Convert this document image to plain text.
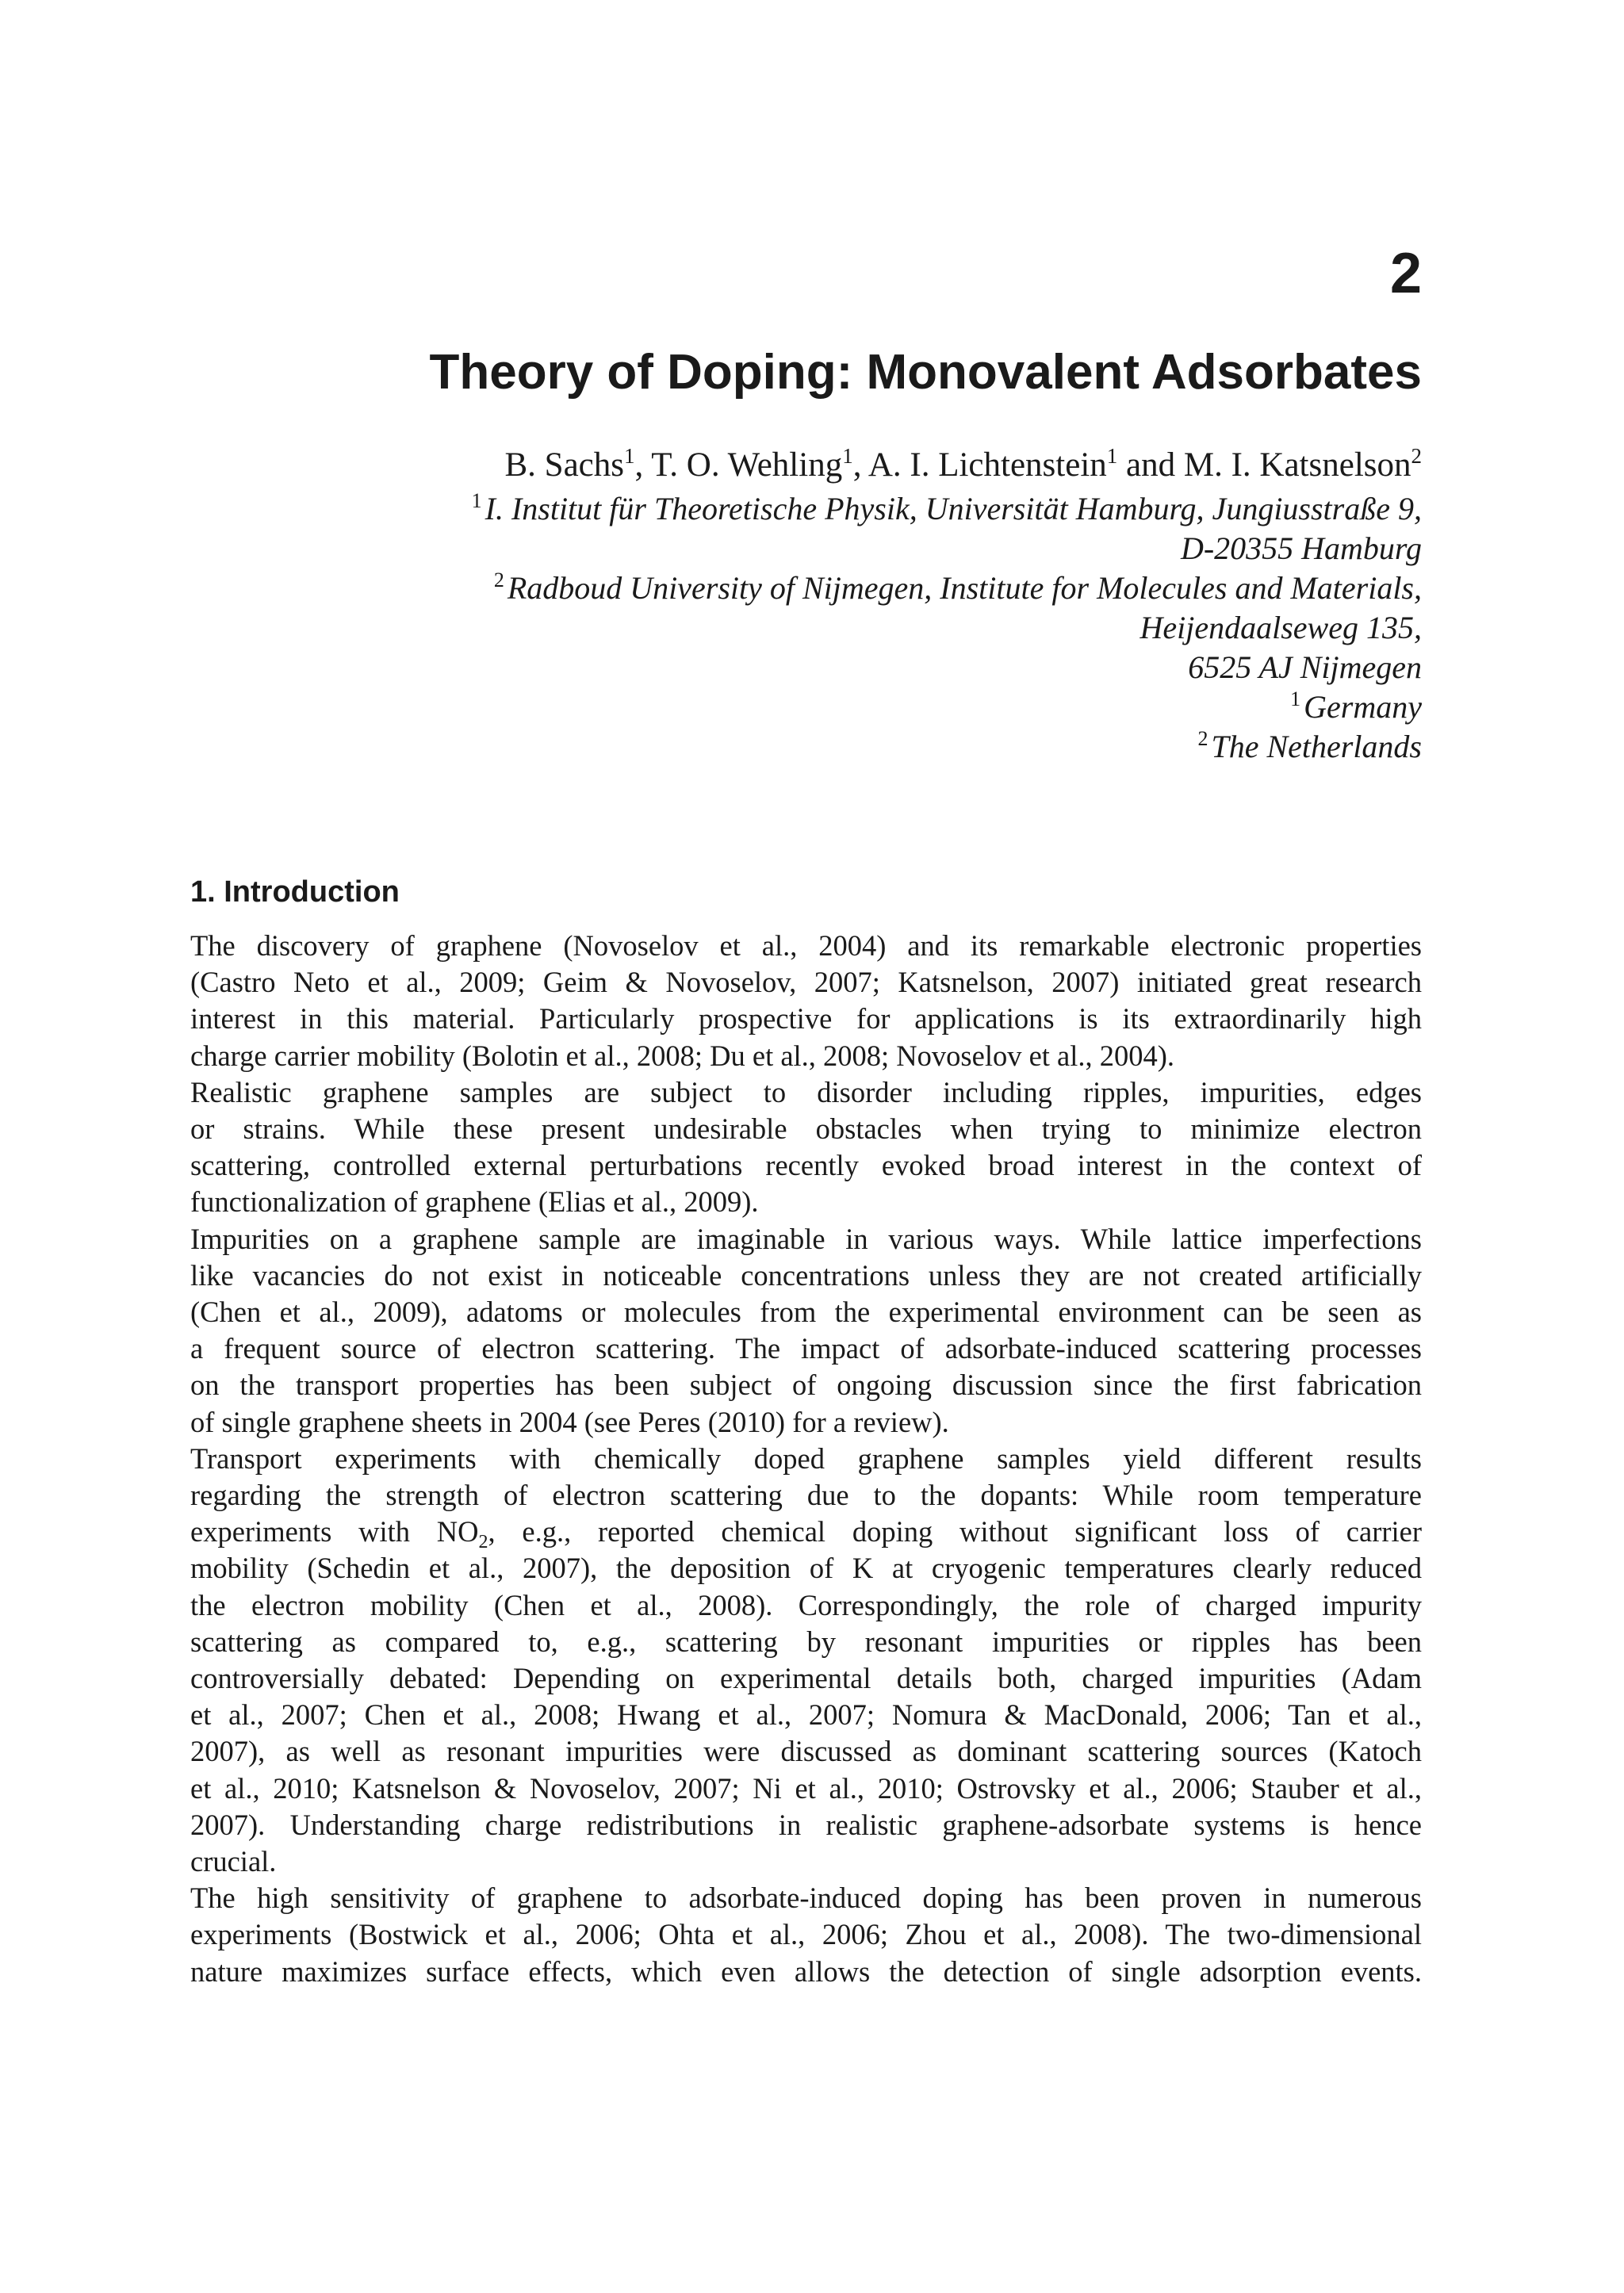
2
Theory of Doping: Monovalent Adsorbates

B. Sachs$^1$, T. O. Wehling$^1$, A. I. Lichtenstein$^1$ and M. I. Katsnelson$^2$

$^1$ I. Institut für Theoretische Physik, Universität Hamburg, Jungiusstraße 9,
D-20355 Hamburg
$^2$ Radboud University of Nijmegen, Institute for Molecules and Materials,
Heijendaalseweg 135,
6525 AJ Nijmegen
$^1$ Germany
$^2$ The Netherlands
1. Introduction

The discovery of graphene (Novoselov et al., 2004) and its remarkable electronic properties
(Castro Neto et al., 2009; Geim & Novoselov, 2007; Katsnelson, 2007) initiated great research
interest in this material. Particularly prospective for applications is its extraordinarily high
charge carrier mobility (Bolotin et al., 2008; Du et al., 2008; Novoselov et al., 2004).

Realistic graphene samples are subject to disorder including ripples, impurities, edges
or strains. While these present undesirable obstacles when trying to minimize electron
scattering, controlled external perturbations recently evoked broad interest in the context of
functionalization of graphene (Elias et al., 2009).

Impurities on a graphene sample are imaginable in various ways. While lattice imperfections
like vacancies do not exist in noticeable concentrations unless they are not created artificially
(Chen et al., 2009), adatoms or molecules from the experimental environment can be seen as
a frequent source of electron scattering. The impact of adsorbate-induced scattering processes
on the transport properties has been subject of ongoing discussion since the first fabrication
of single graphene sheets in 2004 (see Peres (2010) for a review).

Transport experiments with chemically doped graphene samples yield different results
regarding the strength of electron scattering due to the dopants: While room temperature
experiments with $NO_2$, e.g., reported chemical doping without significant loss of carrier
mobility (Schedin et al., 2007), the deposition of K at cryogenic temperatures clearly reduced
the electron mobility (Chen et al., 2008). Correspondingly, the role of charged impurity
scattering as compared to, e.g., scattering by resonant impurities or ripples has been
controversially debated: Depending on experimental details both, charged impurities (Adam
et al., 2007; Chen et al., 2008; Hwang et al., 2007; Nomura & MacDonald, 2006; Tan et al.,
2007), as well as resonant impurities were discussed as dominant scattering sources (Katoch
et al., 2010; Katsnelson & Novoselov, 2007; Ni et al., 2010; Ostrovsky et al., 2006; Stauber et al.,
2007). Understanding charge redistributions in realistic graphene-adsorbate systems is hence
crucial.

The high sensitivity of graphene to adsorbate-induced doping has been proven in numerous
experiments (Bostwick et al., 2006; Ohta et al., 2006; Zhou et al., 2008). The two-dimensional
nature maximizes surface effects, which even allows the detection of single adsorption events.
